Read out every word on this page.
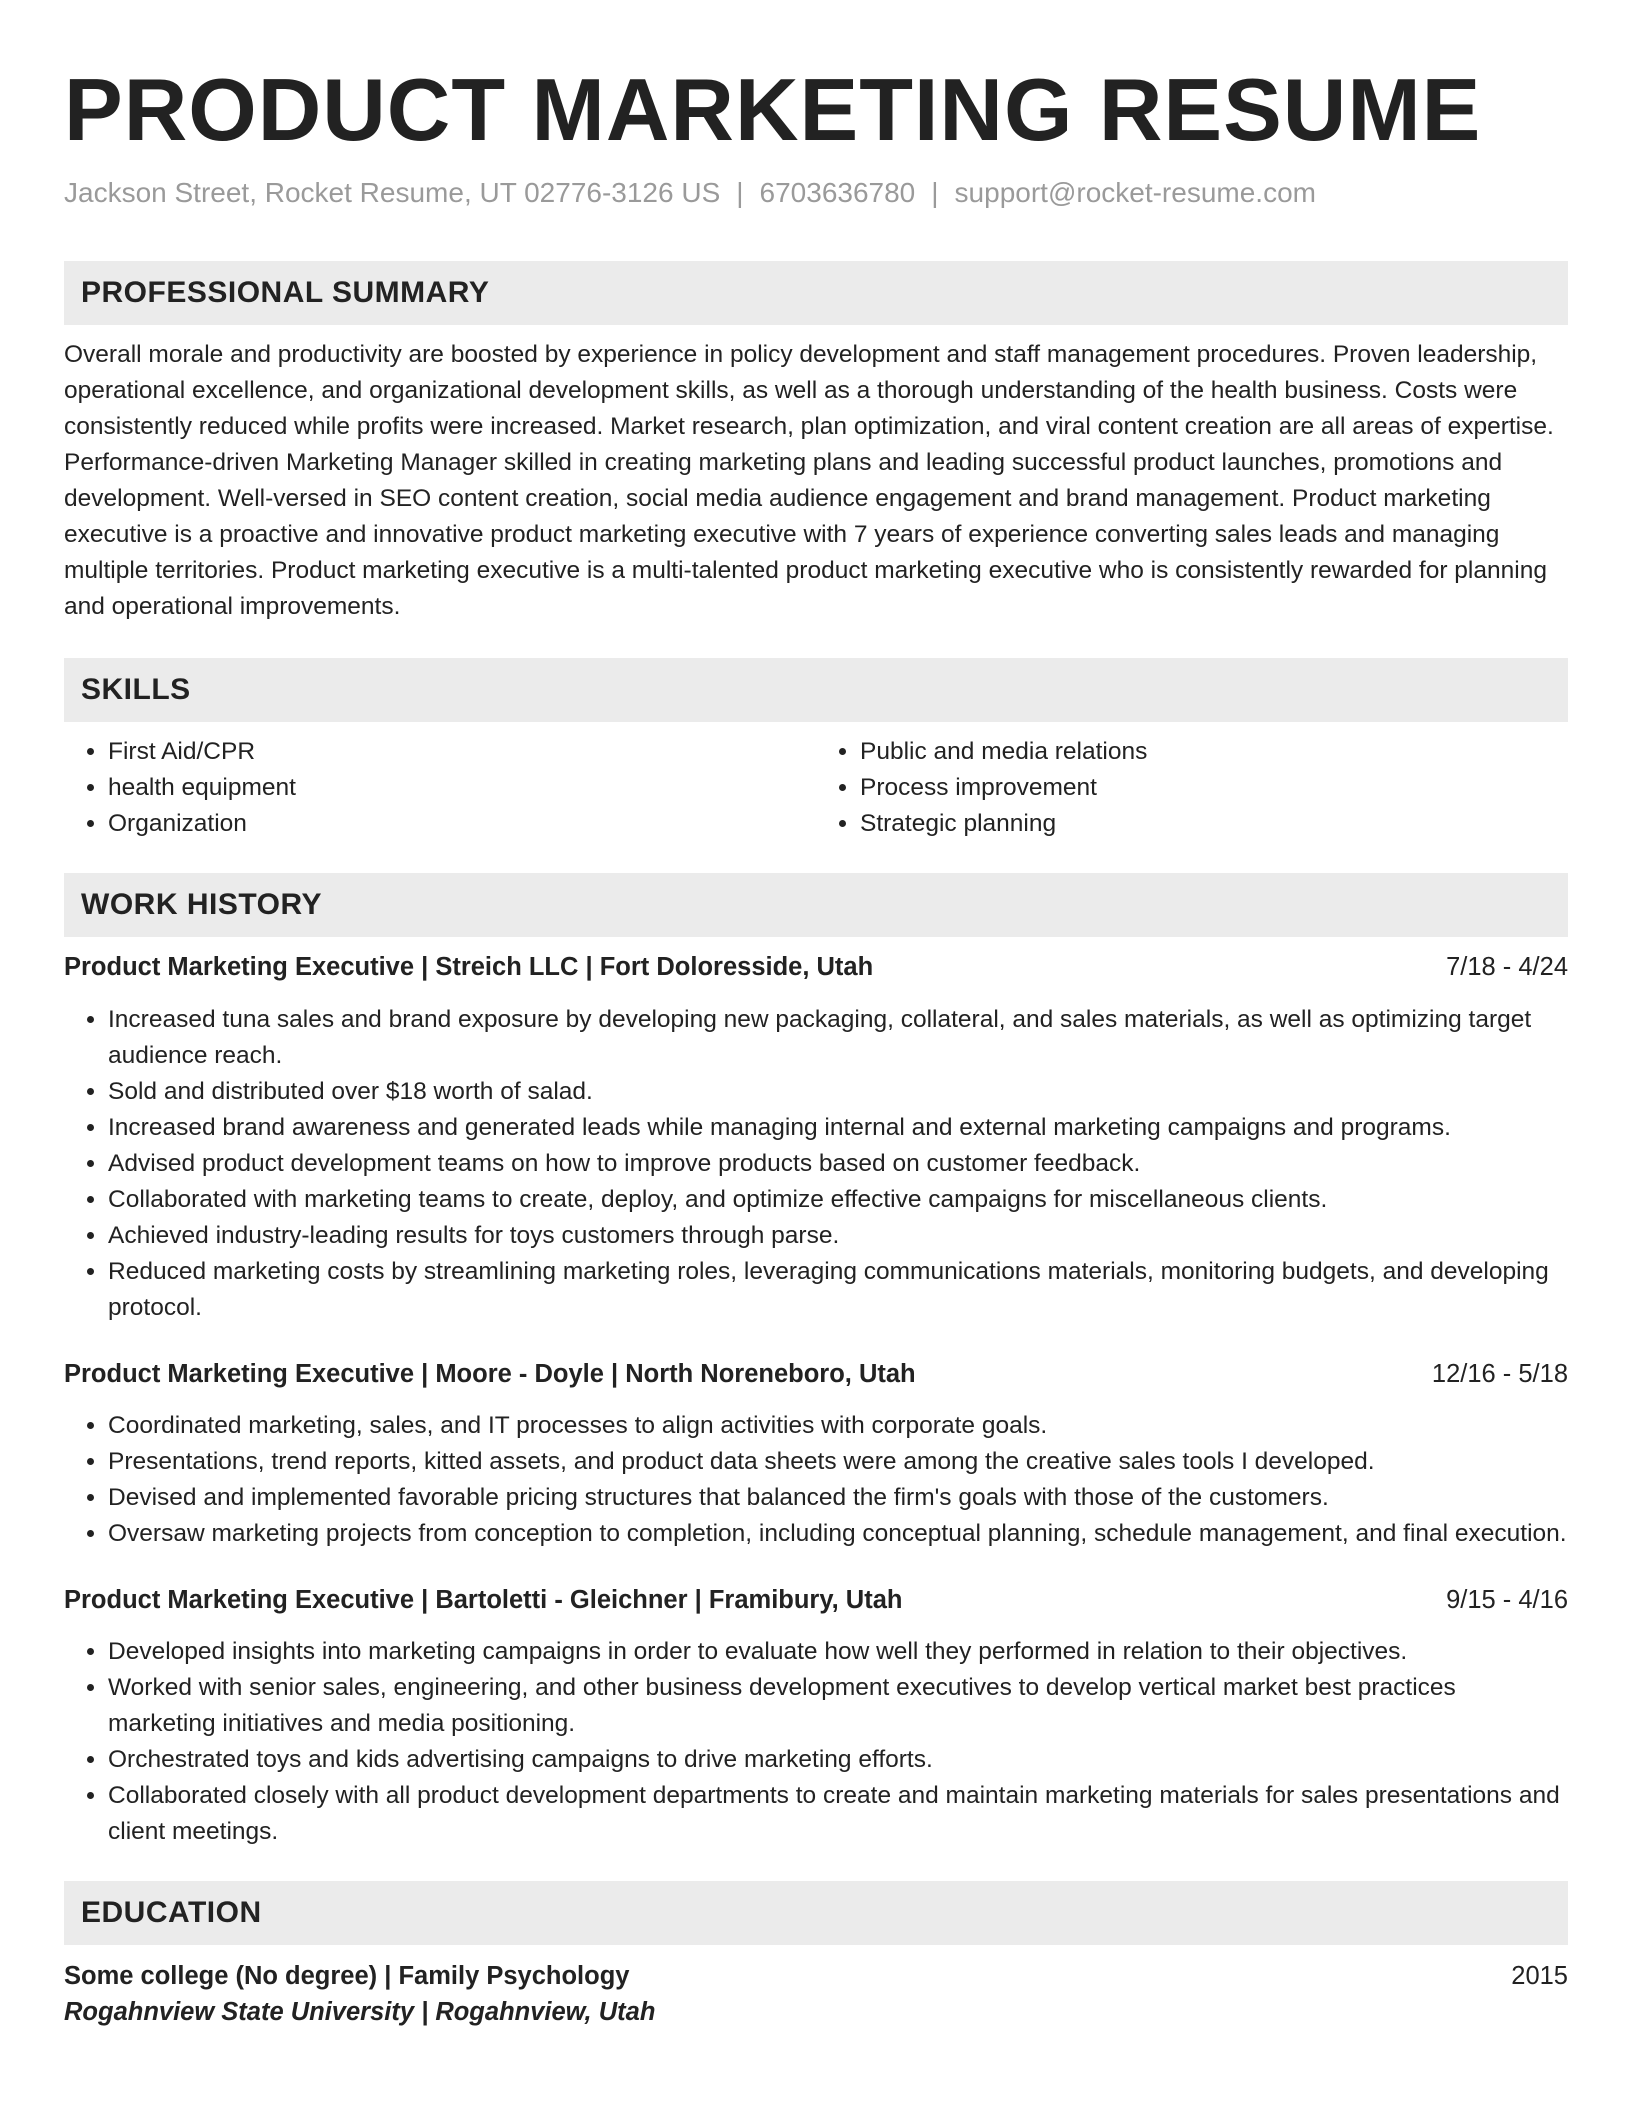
PRODUCT MARKETING RESUME
Jackson Street, Rocket Resume, UT 02776-3126 US | 6703636780 | support@rocket-resume.com
PROFESSIONAL SUMMARY

Overall morale and productivity are boosted by experience in policy development and staff management procedures. Proven leadership, operational excellence, and organizational development skills, as well as a thorough understanding of the health business. Costs were consistently reduced while profits were increased. Market research, plan optimization, and viral content creation are all areas of expertise. Performance-driven Marketing Manager skilled in creating marketing plans and leading successful product launches, promotions and development. Well-versed in SEO content creation, social media audience engagement and brand management. Product marketing executive is a proactive and innovative product marketing executive with 7 years of experience converting sales leads and managing multiple territories. Product marketing executive is a multi-talented product marketing executive who is consistently rewarded for planning and operational improvements.

SKILLS
• First Aid/CPR
• health equipment
• Organization
• Public and media relations
• Process improvement
• Strategic planning
WORK HISTORY
Product Marketing Executive | Streich LLC | Fort Doloresside, Utah	7/18 - 4/24
• Increased tuna sales and brand exposure by developing new packaging, collateral, and sales materials, as well as optimizing target audience reach.
• Sold and distributed over $18 worth of salad.
• Increased brand awareness and generated leads while managing internal and external marketing campaigns and programs.
• Advised product development teams on how to improve products based on customer feedback.
• Collaborated with marketing teams to create, deploy, and optimize effective campaigns for miscellaneous clients.
• Achieved industry-leading results for toys customers through parse.
• Reduced marketing costs by streamlining marketing roles, leveraging communications materials, monitoring budgets, and developing protocol.
Product Marketing Executive | Moore - Doyle | North Noreneboro, Utah	12/16 - 5/18
• Coordinated marketing, sales, and IT processes to align activities with corporate goals.
• Presentations, trend reports, kitted assets, and product data sheets were among the creative sales tools I developed.
• Devised and implemented favorable pricing structures that balanced the firm's goals with those of the customers.
• Oversaw marketing projects from conception to completion, including conceptual planning, schedule management, and final execution.
Product Marketing Executive | Bartoletti - Gleichner | Framibury, Utah	9/15 - 4/16
• Developed insights into marketing campaigns in order to evaluate how well they performed in relation to their objectives.
• Worked with senior sales, engineering, and other business development executives to develop vertical market best practices marketing initiatives and media positioning.
• Orchestrated toys and kids advertising campaigns to drive marketing efforts.
• Collaborated closely with all product development departments to create and maintain marketing materials for sales presentations and client meetings.
EDUCATION
Some college (No degree) | Family Psychology	2015
Rogahnview State University | Rogahnview, Utah
